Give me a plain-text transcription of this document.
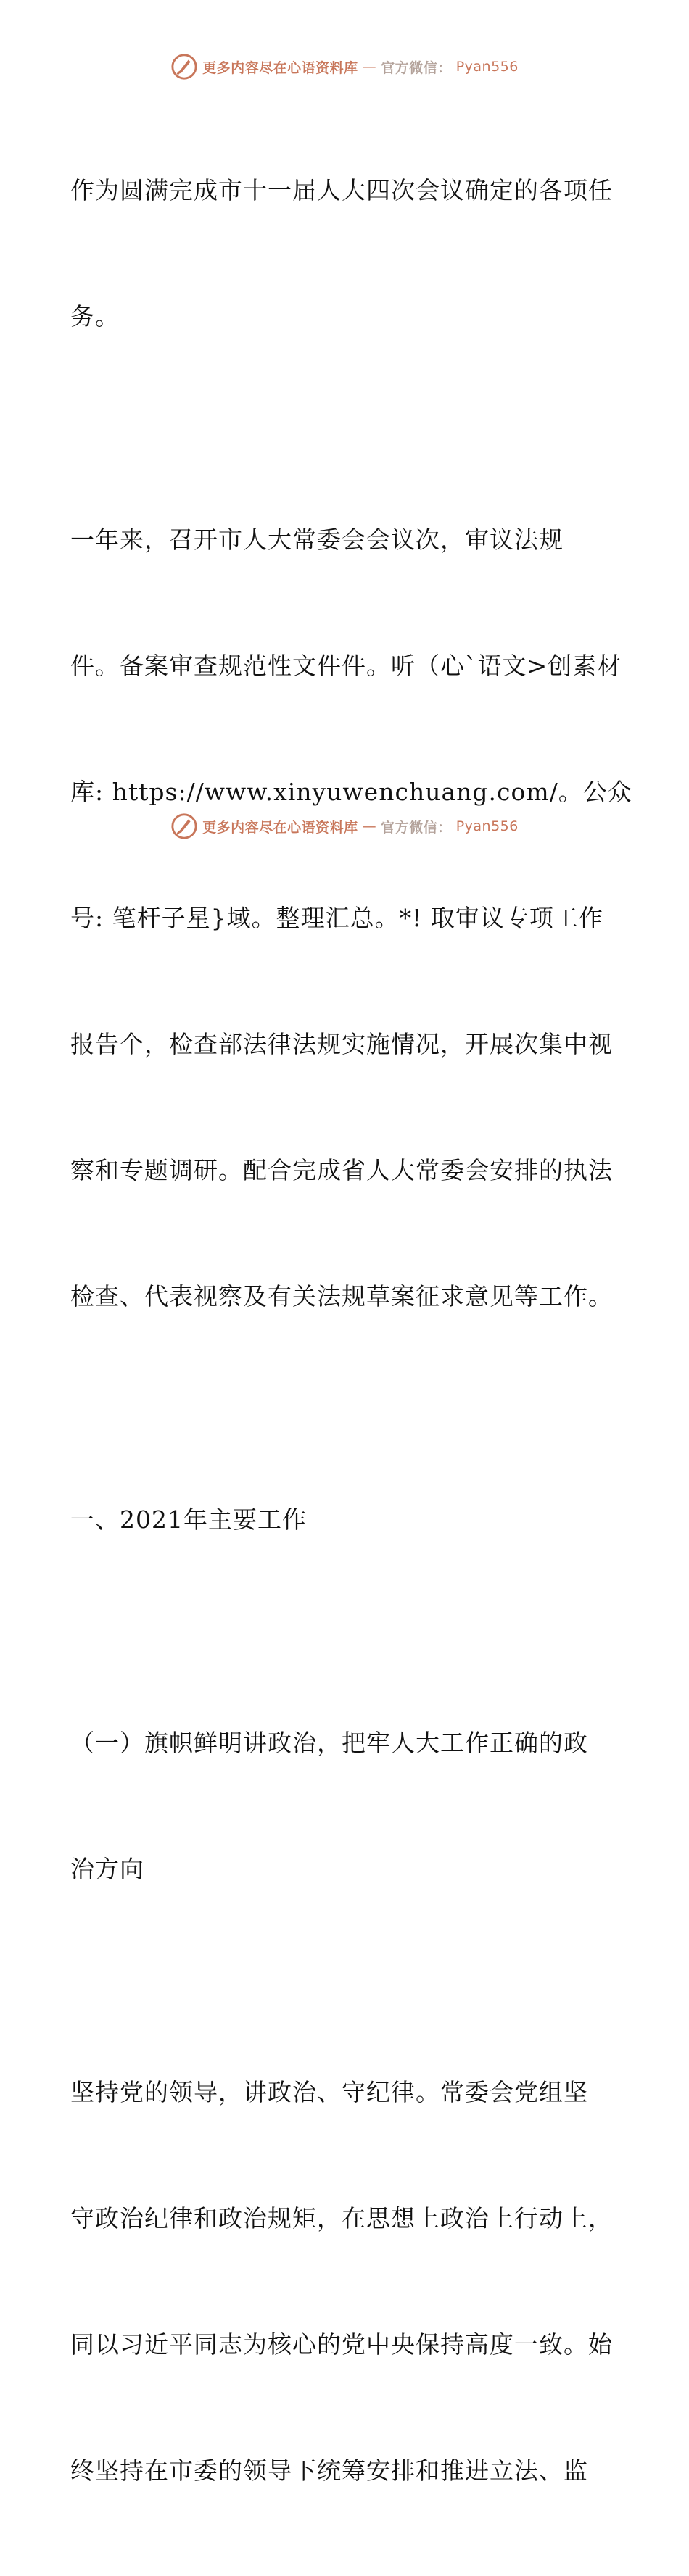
更多内容尽在心语资料库 — 官方微信： Pyan556

作为圆满完成市十一届人大四次会议确定的各项任

务。

一年来，召开市人大常委会会议次，审议法规

件。备案审查规范性文件件。听（心`语文>创素材

库: https://www.xinyuwenchuang.com/。公众

号: 笔杆子星}域。整理汇总。*! 取审议专项工作

报告个，检查部法律法规实施情况，开展次集中视

察和专题调研。配合完成省人大常委会安排的执法

检查、代表视察及有关法规草案征求意见等工作。

一、2021年主要工作

（一）旗帜鲜明讲政治，把牢人大工作正确的政

治方向

坚持党的领导，讲政治、守纪律。常委会党组坚

守政治纪律和政治规矩，在思想上政治上行动上，

同以习近平同志为核心的党中央保持高度一致。始

终坚持在市委的领导下统筹安排和推进立法、监

更多内容尽在心语资料库 — 官方微信： Pyan556
